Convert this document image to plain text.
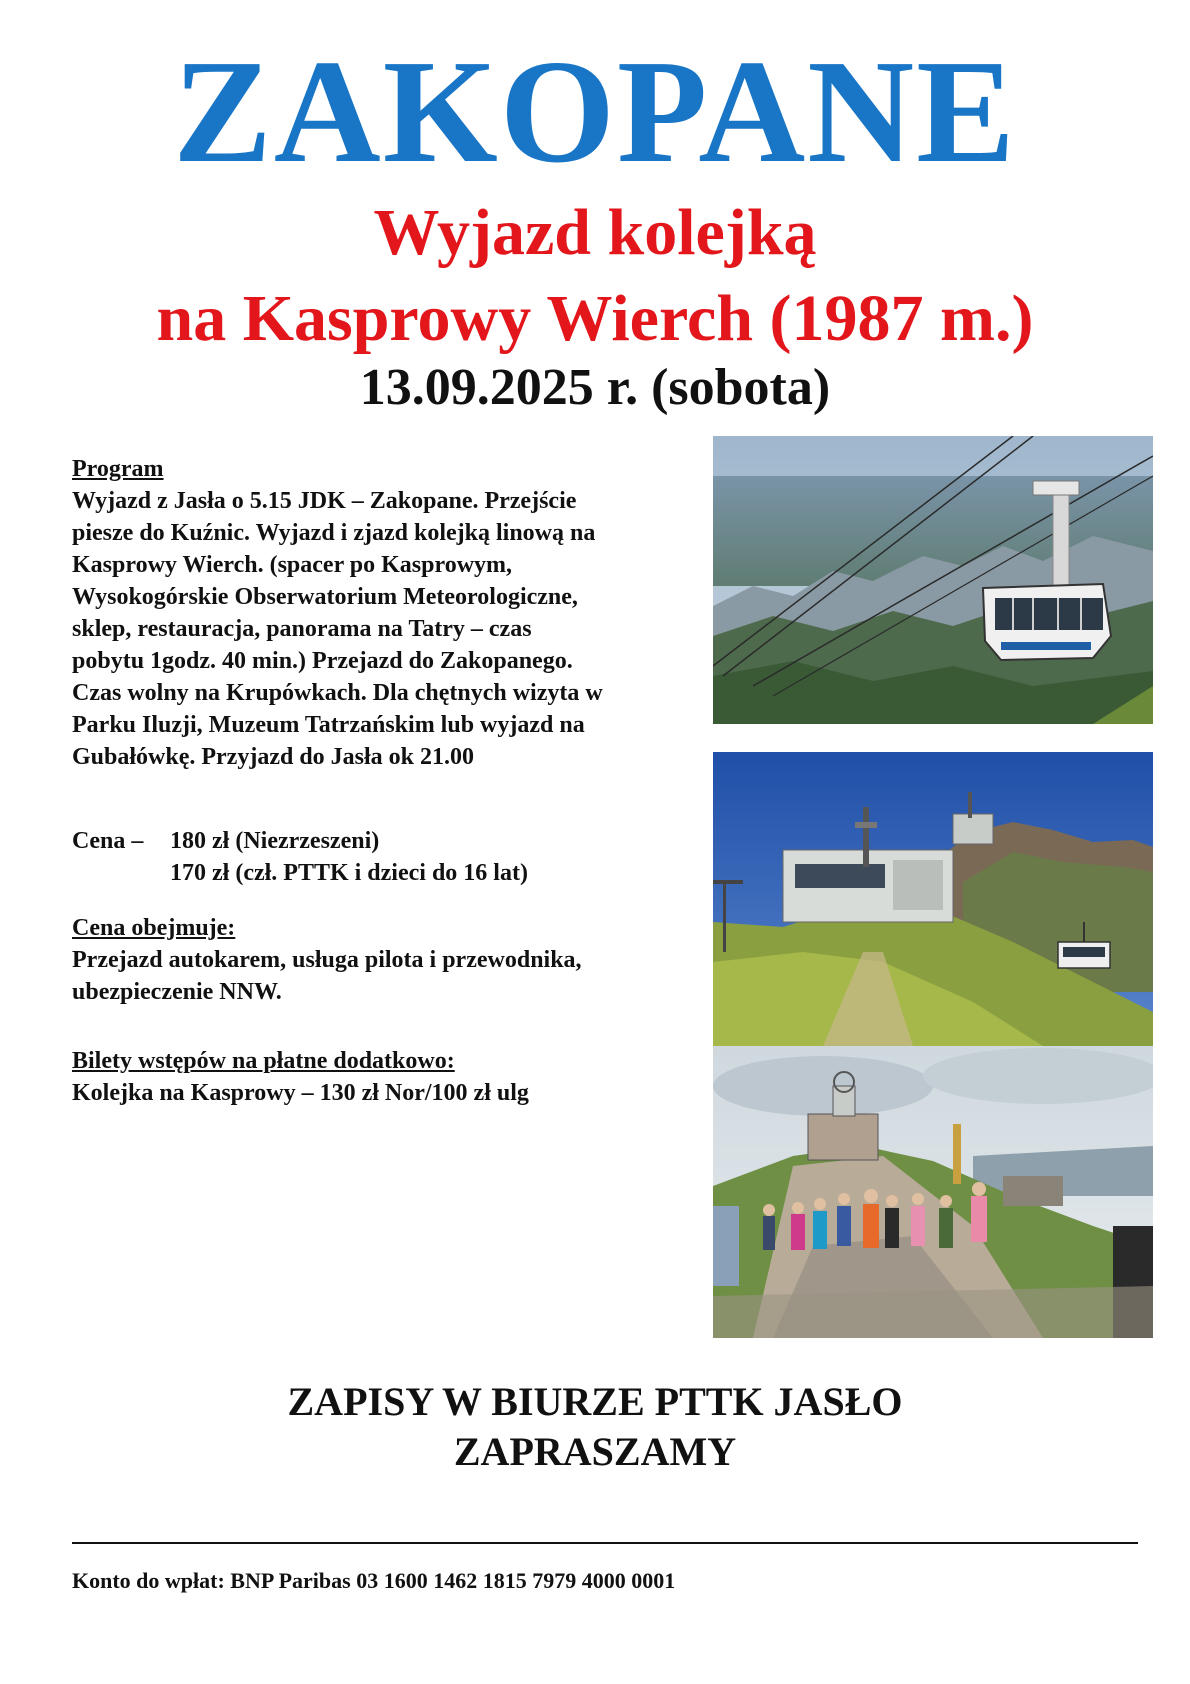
ZAKOPANE
Wyjazd kolejką
na Kasprowy Wierch (1987 m.)
13.09.2025 r. (sobota)
Program
Wyjazd z Jasła o 5.15 JDK – Zakopane. Przejście
piesze do Kuźnic. Wyjazd i zjazd kolejką linową na
Kasprowy Wierch. (spacer po Kasprowym,
Wysokogórskie Obserwatorium Meteorologiczne,
sklep, restauracja, panorama na Tatry – czas
pobytu 1godz. 40 min.) Przejazd do Zakopanego.
Czas wolny na Krupówkach. Dla chętnych wizyta w
Parku Iluzji, Muzeum Tatrzańskim lub wyjazd na
Gubałówkę. Przyjazd do Jasła ok 21.00
Cena –	180 zł (Niezrzeszeni)
170 zł (czł. PTTK i dzieci do 16 lat)
Cena obejmuje:
Przejazd autokarem, usługa pilota i przewodnika,
ubezpieczenie NNW.
Bilety wstępów na płatne dodatkowo:
Kolejka na Kasprowy – 130 zł Nor/100 zł ulg
ZAPISY W BIURZE PTTK JASŁO
ZAPRASZAMY
Konto do wpłat: BNP Paribas 03 1600 1462 1815 7979 4000 0001
